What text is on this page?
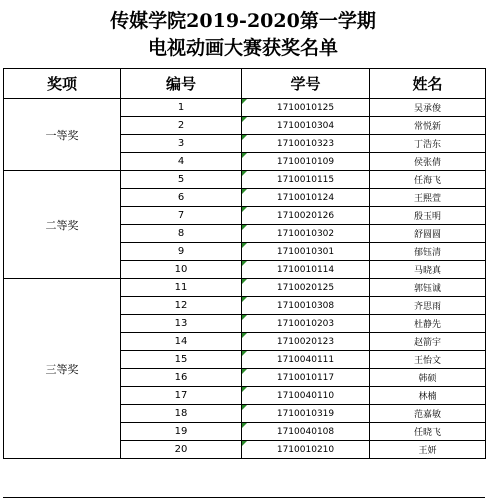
传媒学院2019-2020第一学期
电视动画大赛获奖名单
奖项	编号	学号	姓名
一等奖	1	1710010125	吴承俊
	2	1710010304	常悦新
	3	1710010323	丁浩东
	4	1710010109	侯张倩
二等奖	5	1710010115	任海飞
	6	1710010124	王熙萱
	7	1710020126	殷玉明
	8	1710010302	舒圆圆
	9	1710010301	郁钰清
	10	1710010114	马晓真
三等奖	11	1710020125	郭钰诚
	12	1710010308	齐思雨
	13	1710010203	杜静先
	14	1710020123	赵箭宇
	15	1710040111	王怡文
	16	1710010117	韩硕
	17	1710040110	林楠
	18	1710010319	范嘉敏
	19	1710040108	任晓飞
	20	1710010210	王妍
